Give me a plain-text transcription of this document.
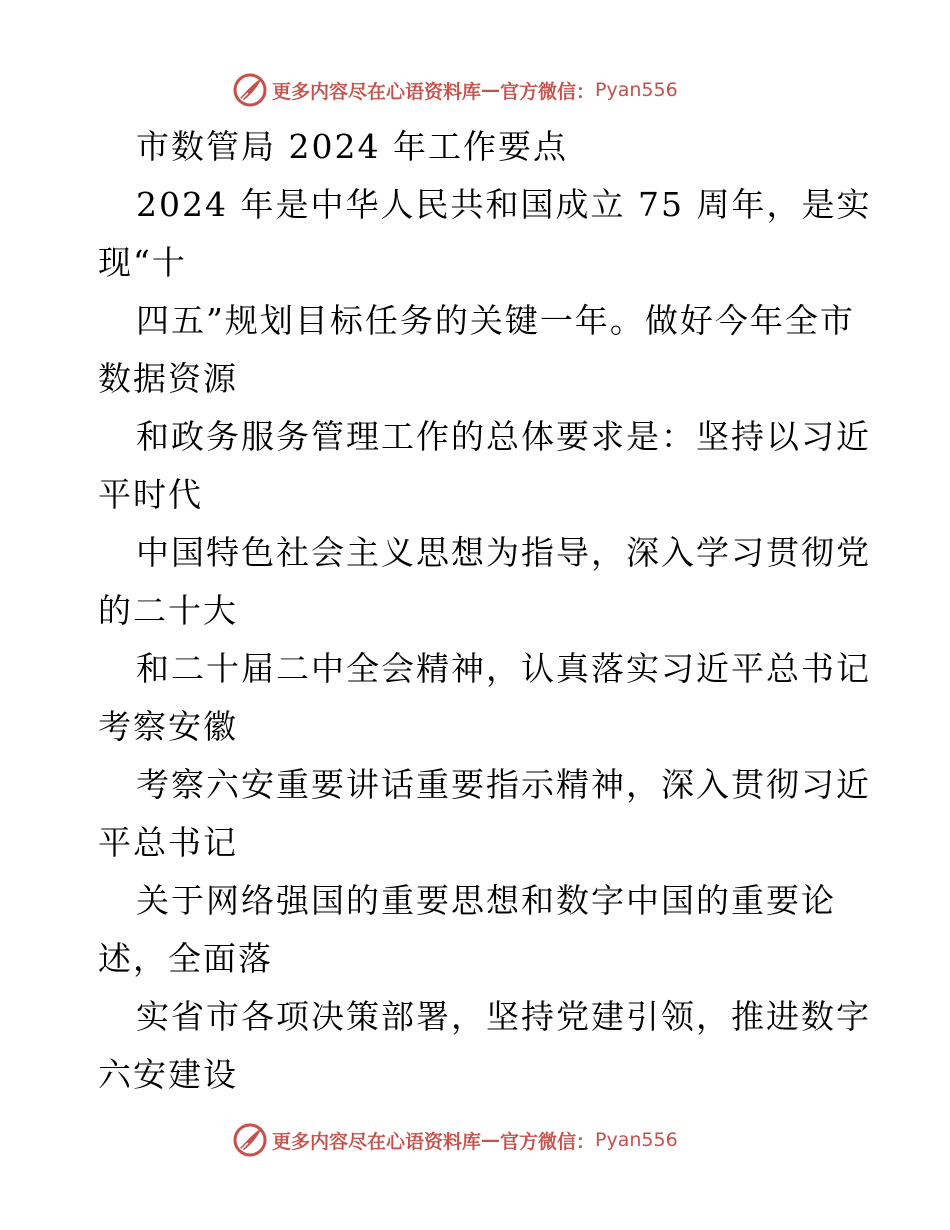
更多内容尽在心语资料库 — 官方微信： Pyan556
市数管局 2024 年工作要点
2024 年是中华人民共和国成立 75 周年，是实
现“十
四五”规划目标任务的关键一年。做好今年全市
数据资源
和政务服务管理工作的总体要求是：坚持以习近
平时代
中国特色社会主义思想为指导，深入学习贯彻党
的二十大
和二十届二中全会精神，认真落实习近平总书记
考察安徽
考察六安重要讲话重要指示精神，深入贯彻习近
平总书记
关于网络强国的重要思想和数字中国的重要论
述，全面落
实省市各项决策部署，坚持党建引领，推进数字
六安建设
更多内容尽在心语资料库 — 官方微信： Pyan556
